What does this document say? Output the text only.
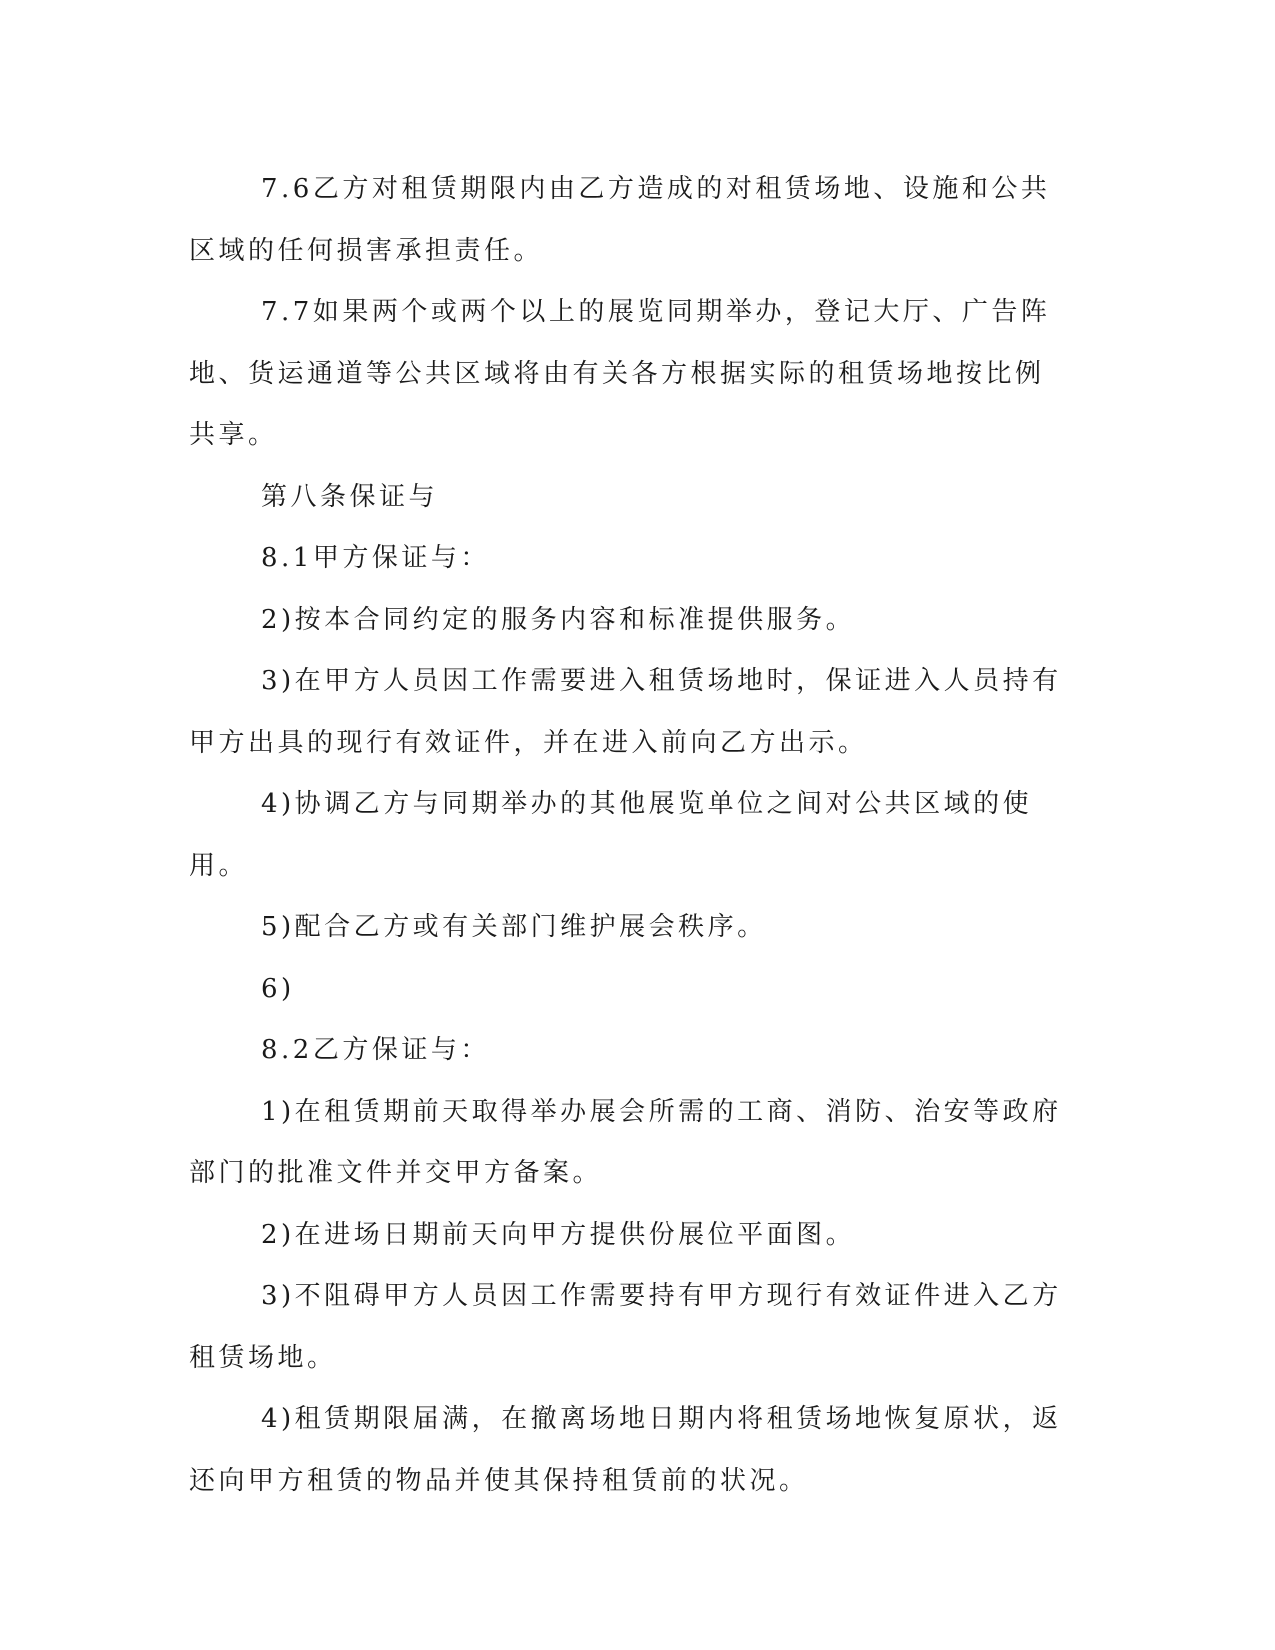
7.6乙方对租赁期限内由乙方造成的对租赁场地、设施和公共区域的任何损害承担责任。

7.7如果两个或两个以上的展览同期举办，登记大厅、广告阵地、货运通道等公共区域将由有关各方根据实际的租赁场地按比例共享。

第八条保证与

8.1甲方保证与：

2)按本合同约定的服务内容和标准提供服务。

3)在甲方人员因工作需要进入租赁场地时，保证进入人员持有甲方出具的现行有效证件，并在进入前向乙方出示。

4)协调乙方与同期举办的其他展览单位之间对公共区域的使用。

5)配合乙方或有关部门维护展会秩序。

6)

8.2乙方保证与：

1)在租赁期前天取得举办展会所需的工商、消防、治安等政府部门的批准文件并交甲方备案。

2)在进场日期前天向甲方提供份展位平面图。

3)不阻碍甲方人员因工作需要持有甲方现行有效证件进入乙方租赁场地。

4)租赁期限届满，在撤离场地日期内将租赁场地恢复原状，返还向甲方租赁的物品并使其保持租赁前的状况。
